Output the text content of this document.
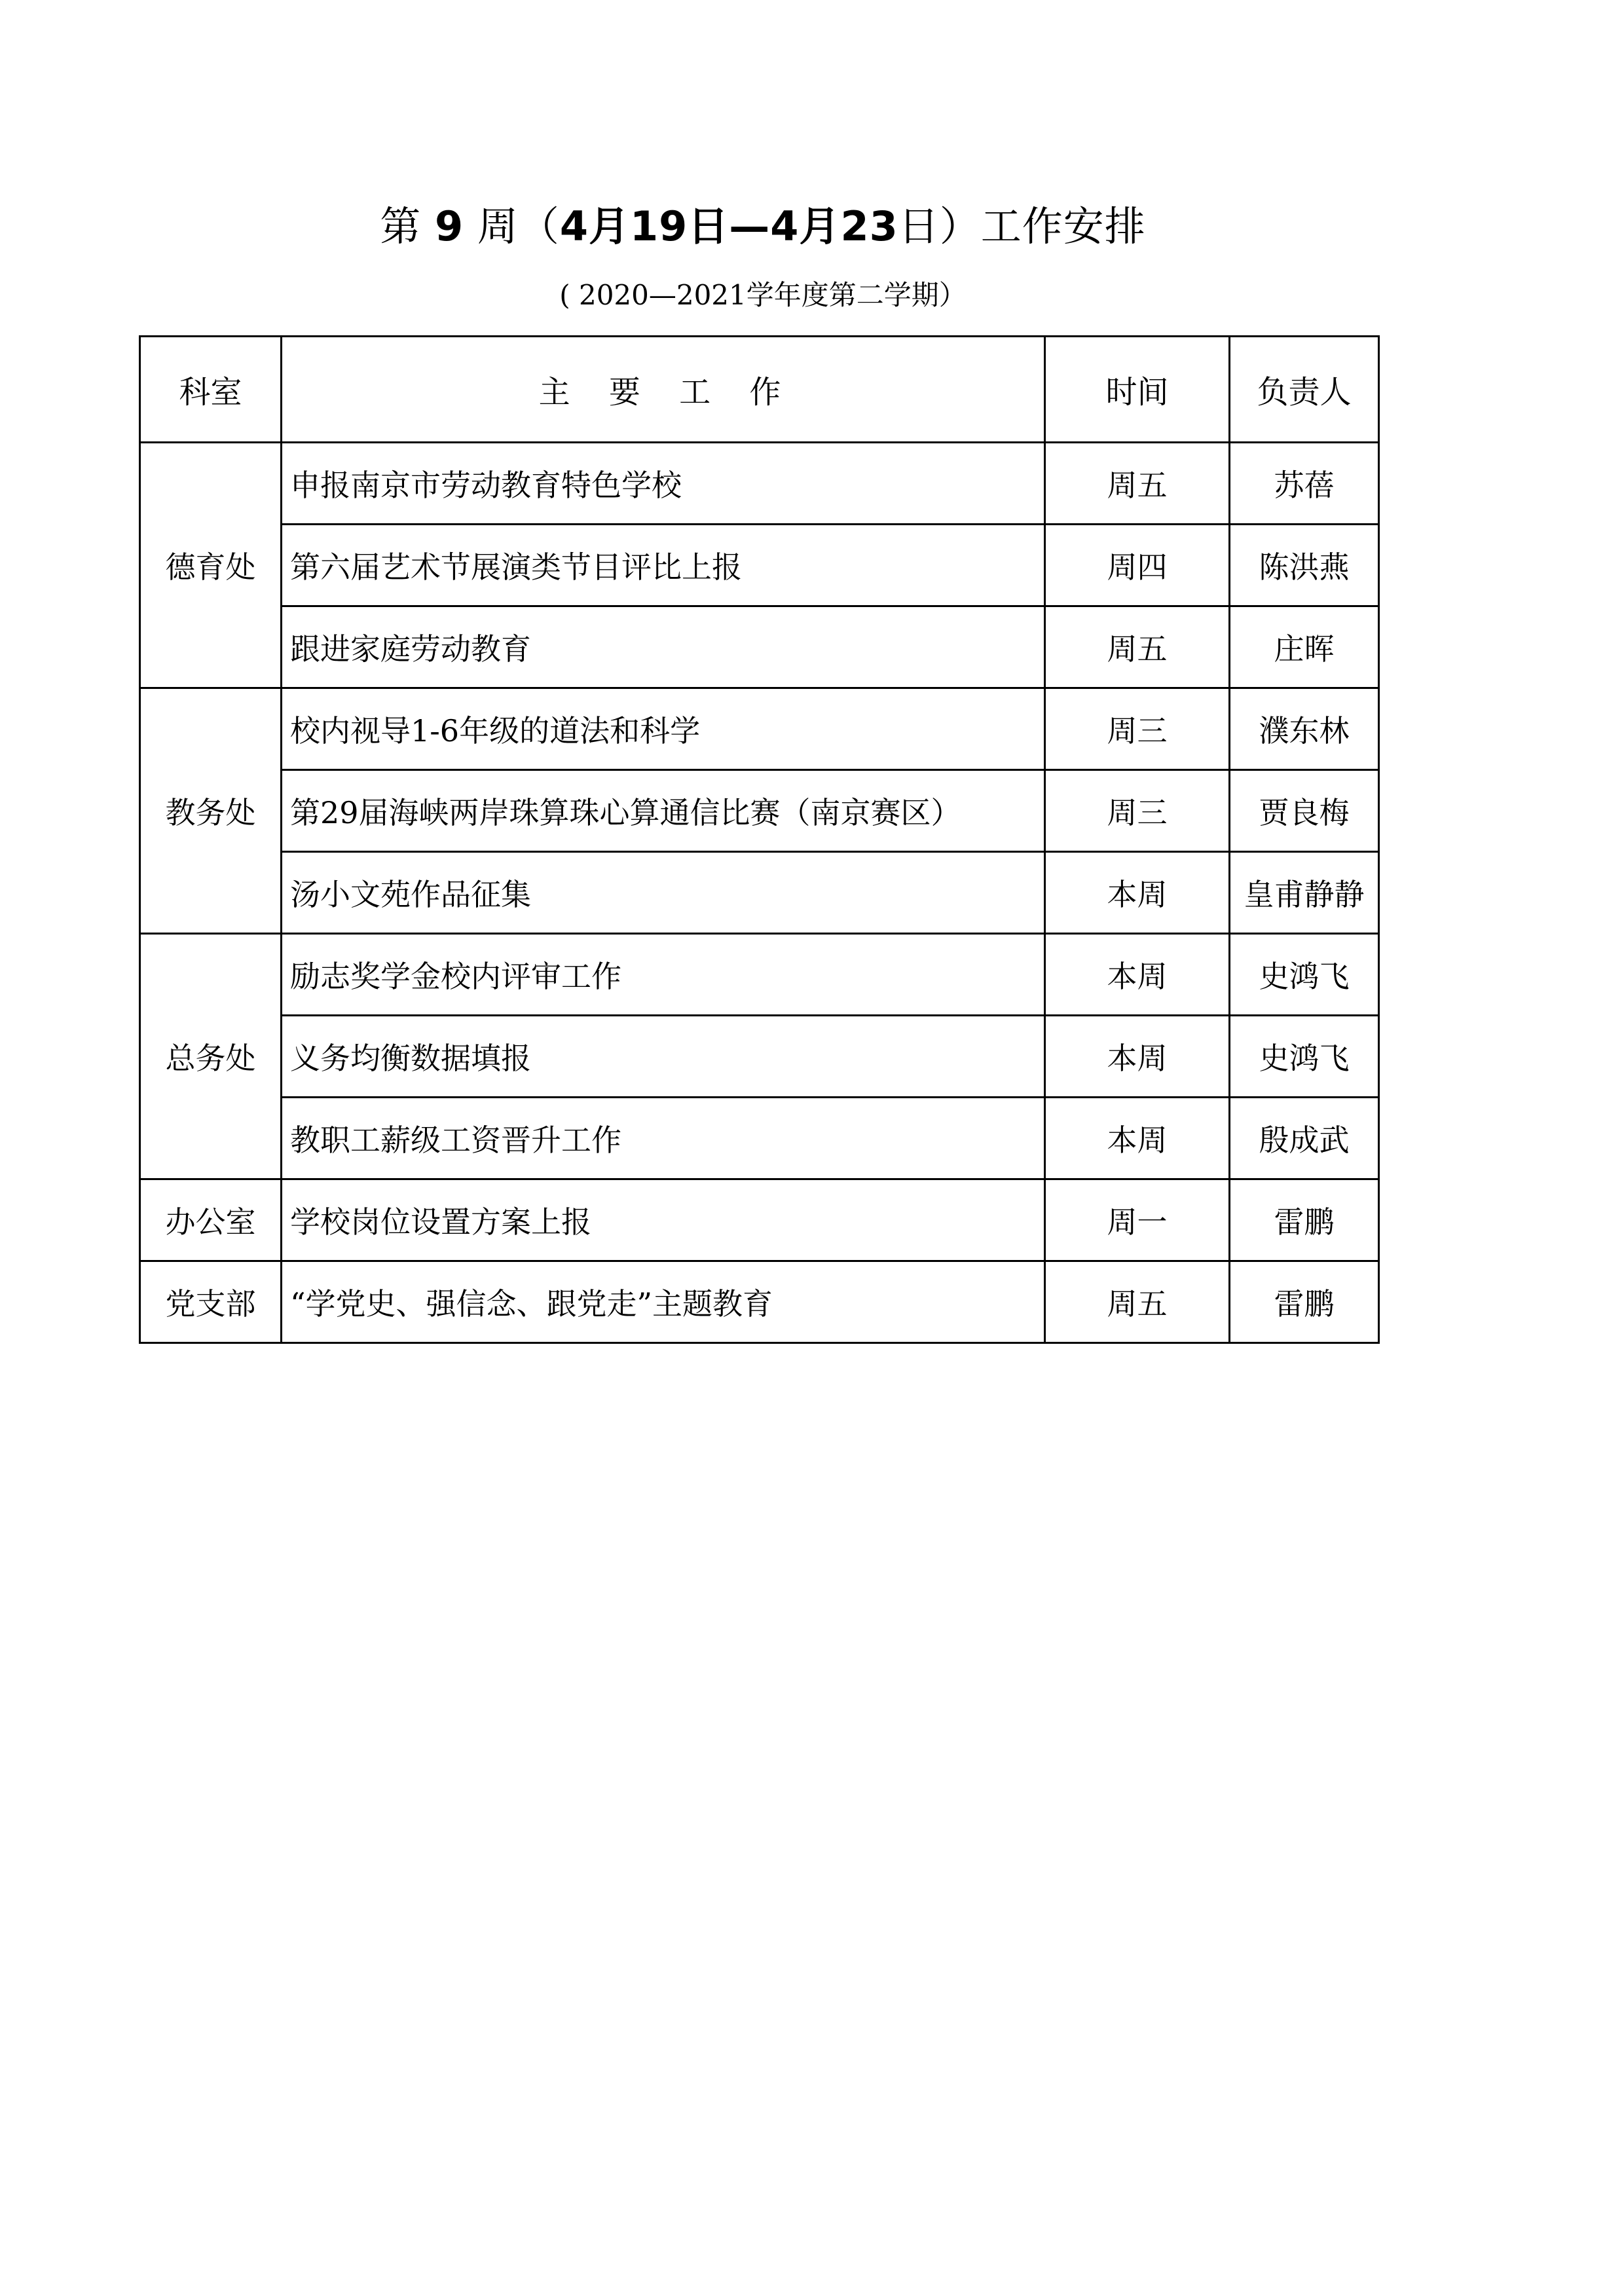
第 9 周（4月19日—4月23日）工作安排
( 2020—2021学年度第二学期）
科室	主 要 工 作	时间	负责人
德育处	申报南京市劳动教育特色学校	周五	苏蓓
	第六届艺术节展演类节目评比上报	周四	陈洪燕
	跟进家庭劳动教育	周五	庄晖
教务处	校内视导1-6年级的道法和科学	周三	濮东林
	第29届海峡两岸珠算珠心算通信比赛（南京赛区）	周三	贾良梅
	汤小文苑作品征集	本周	皇甫静静
总务处	励志奖学金校内评审工作	本周	史鸿飞
	义务均衡数据填报	本周	史鸿飞
	教职工薪级工资晋升工作	本周	殷成武
办公室	学校岗位设置方案上报	周一	雷鹏
党支部	“学党史、强信念、跟党走”主题教育	周五	雷鹏
